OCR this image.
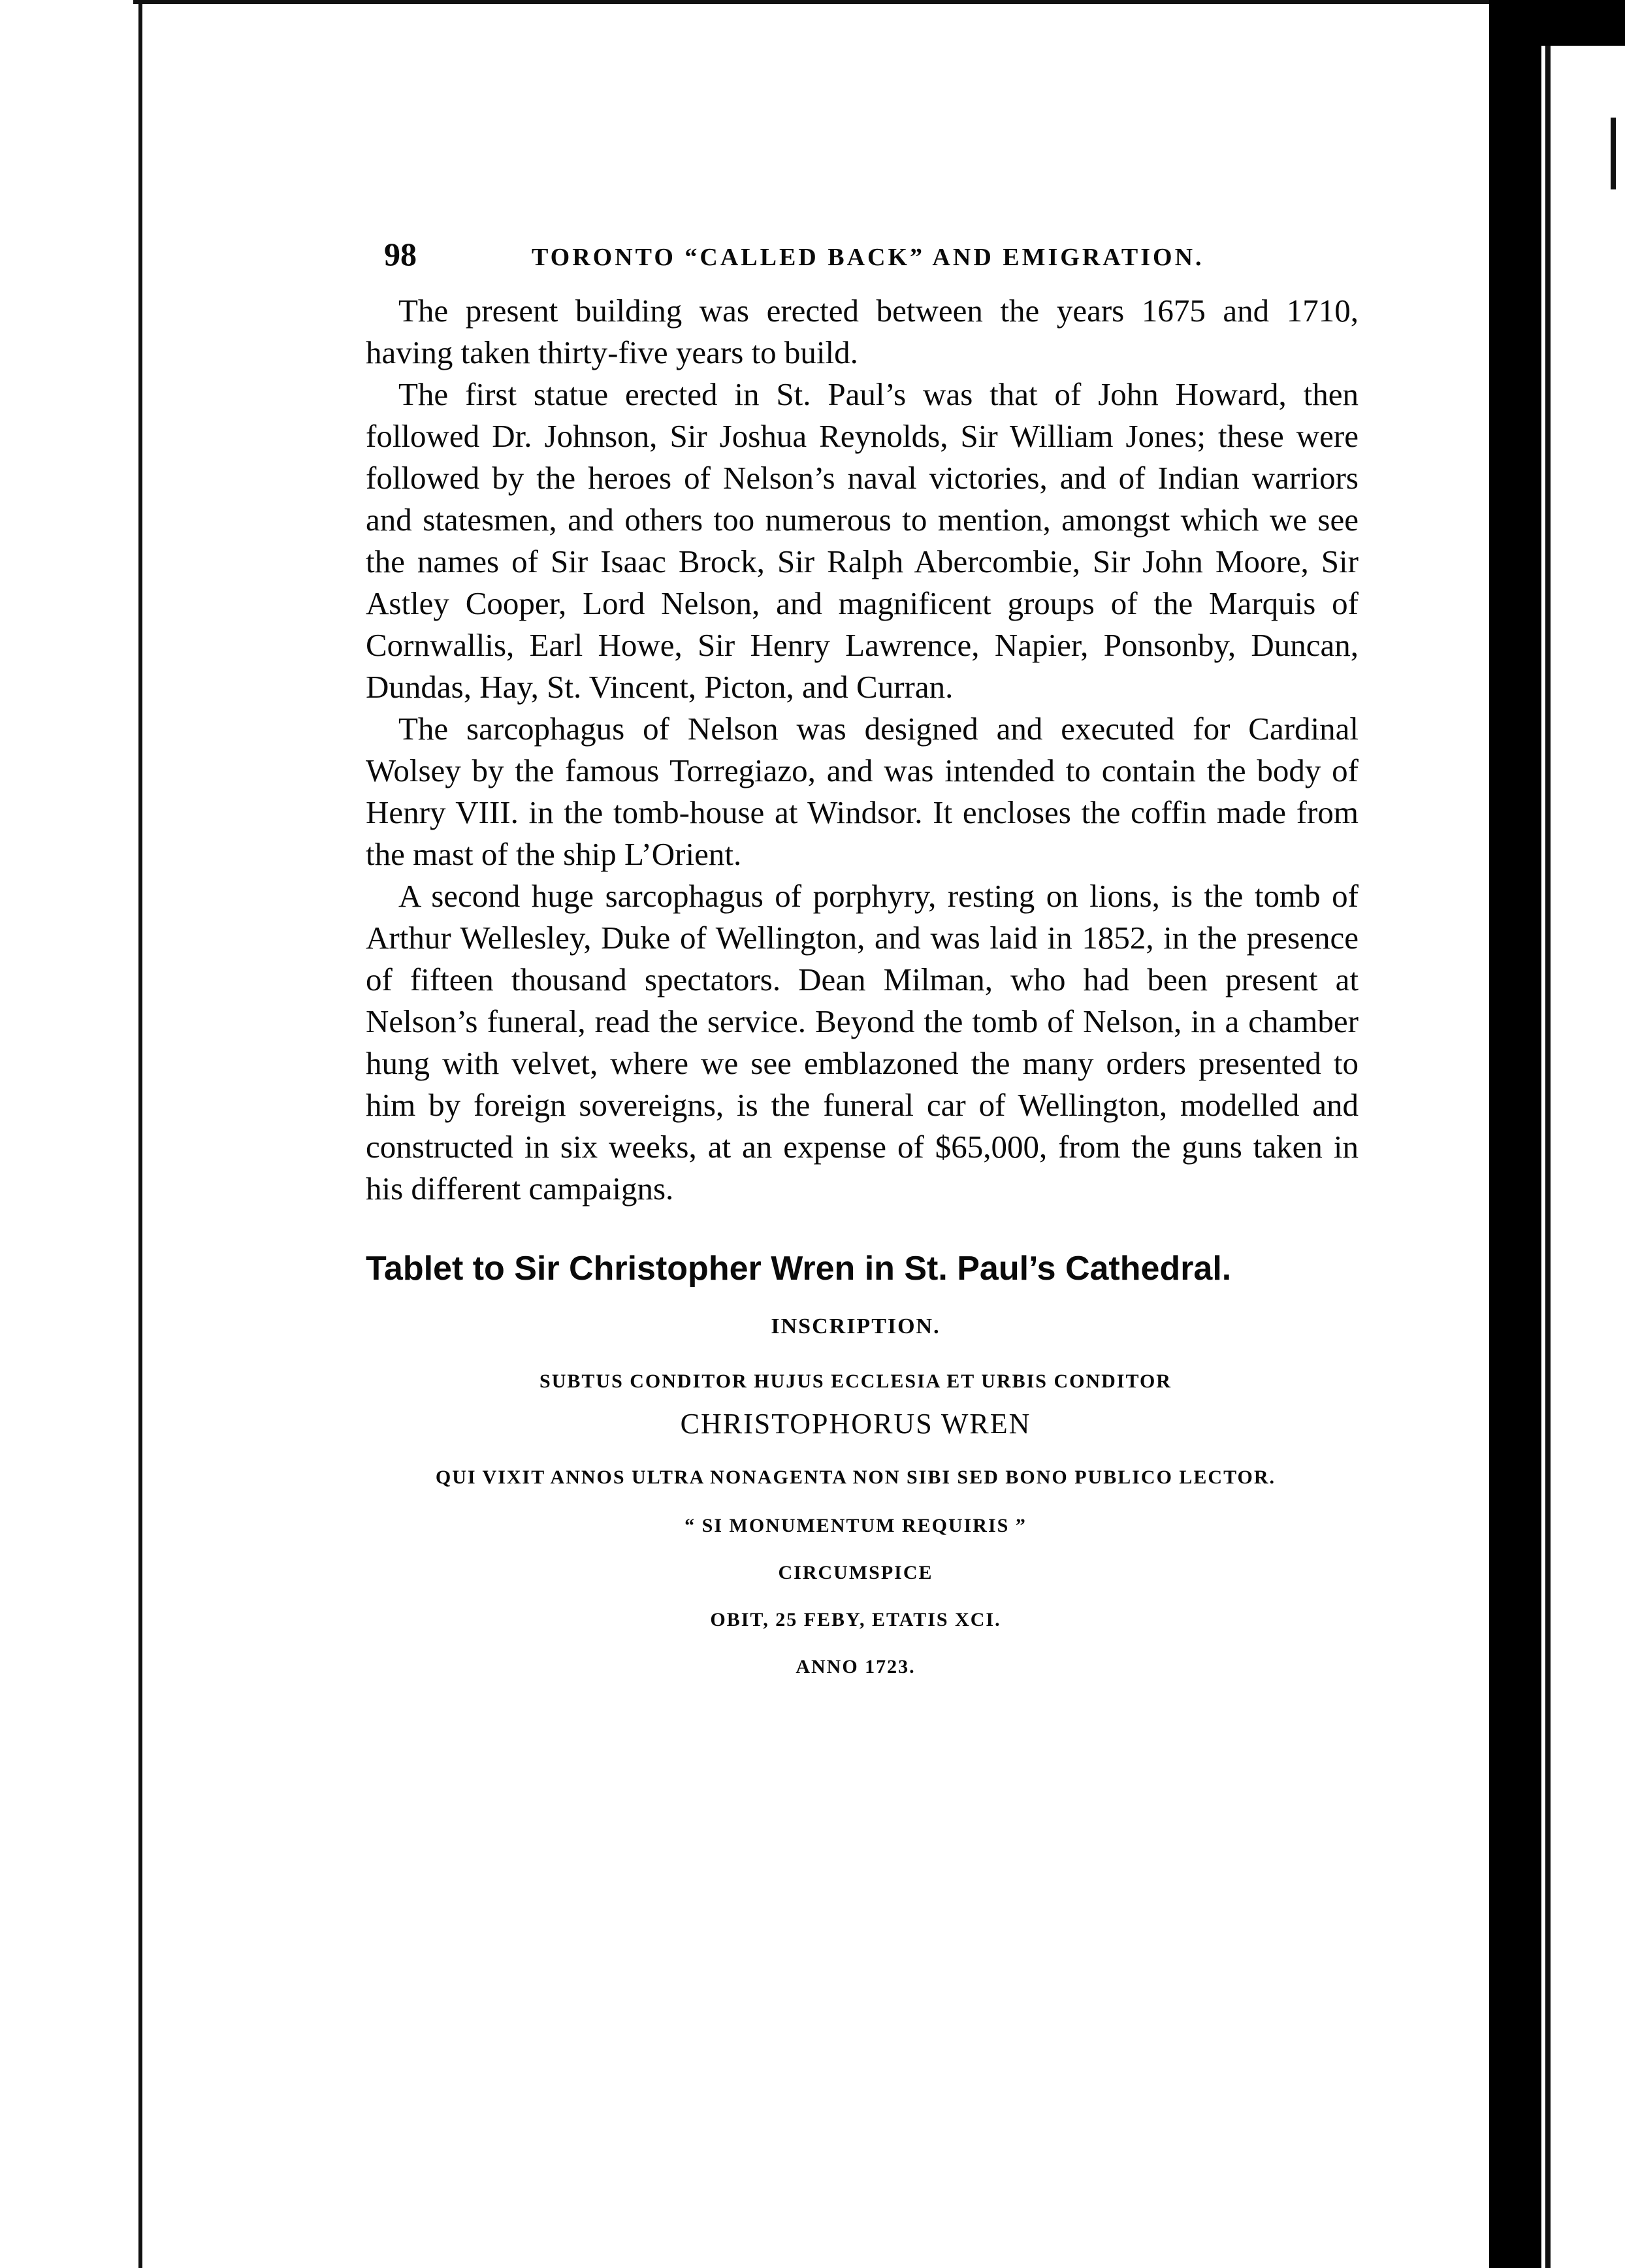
98	TORONTO “CALLED BACK” AND EMIGRATION.

The present building was erected between the years 1675 and 1710, having taken thirty-five years to build.

The first statue erected in St. Paul’s was that of John Howard, then followed Dr. Johnson, Sir Joshua Reynolds, Sir William Jones; these were followed by the heroes of Nelson’s naval victories, and of Indian warriors and statesmen, and others too numerous to mention, amongst which we see the names of Sir Isaac Brock, Sir Ralph Abercombie, Sir John Moore, Sir Astley Cooper, Lord Nelson, and magnificent groups of the Marquis of Cornwallis, Earl Howe, Sir Henry Lawrence, Napier, Ponsonby, Duncan, Dundas, Hay, St. Vincent, Picton, and Curran.

The sarcophagus of Nelson was designed and executed for Cardinal Wolsey by the famous Torregiazo, and was intended to contain the body of Henry VIII. in the tomb-house at Windsor. It encloses the coffin made from the mast of the ship L’Orient.

A second huge sarcophagus of porphyry, resting on lions, is the tomb of Arthur Wellesley, Duke of Wellington, and was laid in 1852, in the presence of fifteen thousand spectators. Dean Milman, who had been present at Nelson’s funeral, read the service. Beyond the tomb of Nelson, in a chamber hung with velvet, where we see emblazoned the many orders presented to him by foreign sovereigns, is the funeral car of Wellington, modelled and constructed in six weeks, at an expense of $65,000, from the guns taken in his different campaigns.

Tablet to Sir Christopher Wren in St. Paul’s Cathedral.
INSCRIPTION.
SUBTUS CONDITOR HUJUS ECCLESIA ET URBIS CONDITOR
CHRISTOPHORUS WREN
QUI VIXIT ANNOS ULTRA NONAGENTA NON SIBI SED BONO PUBLICO LECTOR.
“ SI MONUMENTUM REQUIRIS ”
CIRCUMSPICE
OBIT, 25 FEBY, ETATIS XCI.
ANNO 1723.
